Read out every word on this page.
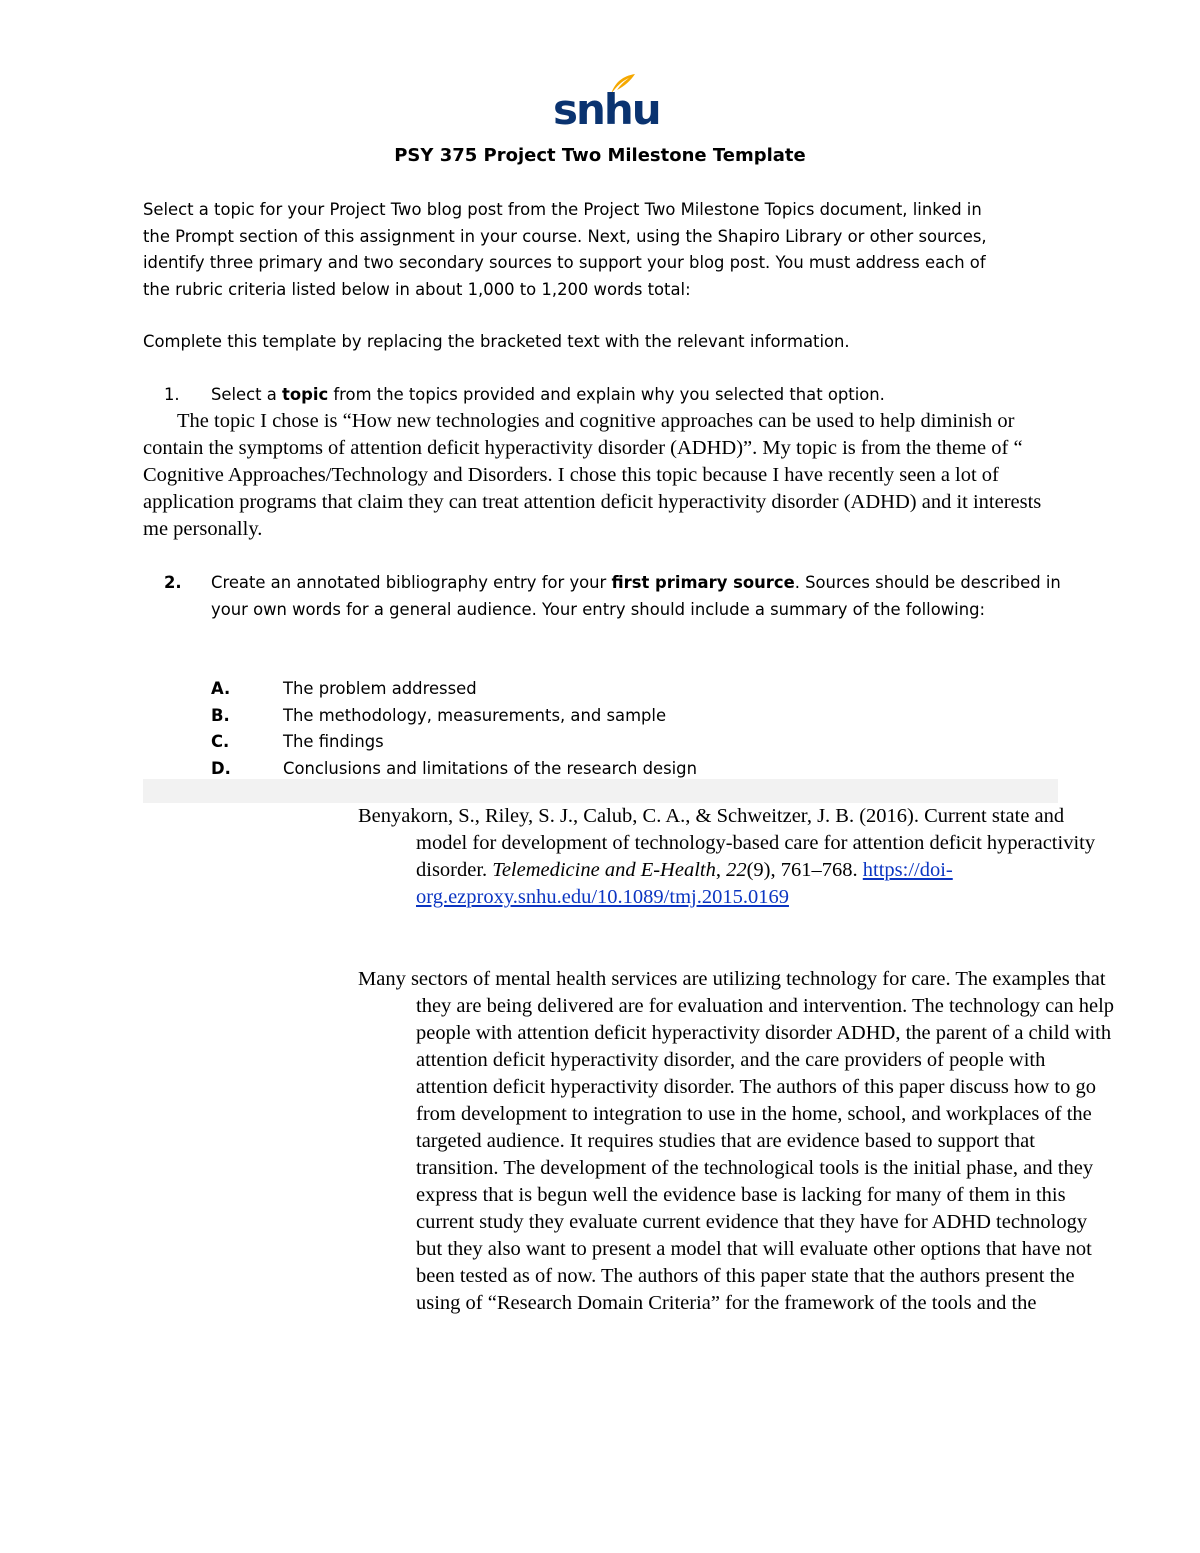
snhu
PSY 375 Project Two Milestone Template

Select a topic for your Project Two blog post from the Project Two Milestone Topics document, linked in

the Prompt section of this assignment in your course. Next, using the Shapiro Library or other sources,

identify three primary and two secondary sources to support your blog post. You must address each of

the rubric criteria listed below in about 1,000 to 1,200 words total:

Complete this template by replacing the bracketed text with the relevant information.
1. Select a topic from the topics provided and explain why you selected that option.
The topic I chose is “How new technologies and cognitive approaches can be used to help diminish or contain the symptoms of attention deficit hyperactivity disorder (ADHD)”. My topic is from the theme of “ Cognitive Approaches/Technology and Disorders. I chose this topic because I have recently seen a lot of application programs that claim they can treat attention deficit hyperactivity disorder (ADHD) and it interests me personally.
2. Create an annotated bibliography entry for your first primary source. Sources should be described in your own words for a general audience. Your entry should include a summary of the following:
A.	The problem addressed
B.	The methodology, measurements, and sample
C.	The findings
D.	Conclusions and limitations of the research design
Benyakorn, S., Riley, S. J., Calub, C. A., & Schweitzer, J. B. (2016). Current state and model for development of technology-based care for attention deficit hyperactivity disorder. Telemedicine and E-Health, 22(9), 761–768. https://doi-org.ezproxy.snhu.edu/10.1089/tmj.2015.0169
Many sectors of mental health services are utilizing technology for care. The examples that they are being delivered are for evaluation and intervention. The technology can help people with attention deficit hyperactivity disorder ADHD, the parent of a child with attention deficit hyperactivity disorder, and the care providers of people with attention deficit hyperactivity disorder. The authors of this paper discuss how to go from development to integration to use in the home, school, and workplaces of the targeted audience. It requires studies that are evidence based to support that transition. The development of the technological tools is the initial phase, and they express that is begun well the evidence base is lacking for many of them in this current study they evaluate current evidence that they have for ADHD technology but they also want to present a model that will evaluate other options that have not been tested as of now. The authors of this paper state that the authors present the using of “Research Domain Criteria” for the framework of the tools and the
